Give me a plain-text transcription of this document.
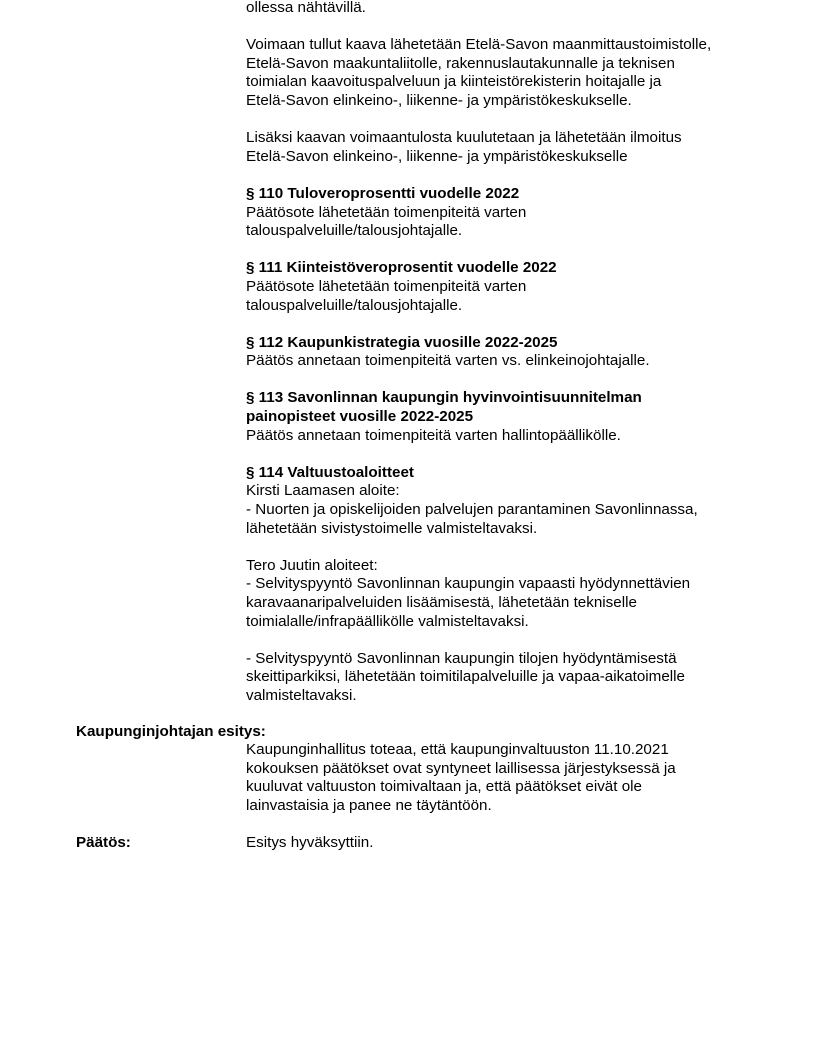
ollessa nähtävillä.
Voimaan tullut kaava lähetetään Etelä-Savon maanmittaustoimistolle,
Etelä-Savon maakuntaliitolle, rakennuslautakunnalle ja teknisen
toimialan kaavoituspalveluun ja kiinteistörekisterin hoitajalle ja
Etelä-Savon elinkeino-, liikenne- ja ympäristökeskukselle.
Lisäksi kaavan voimaantulosta kuulutetaan ja lähetetään ilmoitus
Etelä-Savon elinkeino-, liikenne- ja ympäristökeskukselle
§ 110 Tuloveroprosentti vuodelle 2022
Päätösote lähetetään toimenpiteitä varten
talouspalveluille/talousjohtajalle.
§ 111 Kiinteistöveroprosentit vuodelle 2022
Päätösote lähetetään toimenpiteitä varten
talouspalveluille/talousjohtajalle.
§ 112 Kaupunkistrategia vuosille 2022-2025
Päätös annetaan toimenpiteitä varten vs. elinkeinojohtajalle.
§ 113 Savonlinnan kaupungin hyvinvointisuunnitelman
painopisteet vuosille 2022-2025
Päätös annetaan toimenpiteitä varten hallintopäällikölle.
§ 114 Valtuustoaloitteet
Kirsti Laamasen aloite:
- Nuorten ja opiskelijoiden palvelujen parantaminen Savonlinnassa,
lähetetään sivistystoimelle valmisteltavaksi.
Tero Juutin aloiteet:
- Selvityspyyntö Savonlinnan kaupungin vapaasti hyödynnettävien
karavaanaripalveluiden lisäämisestä, lähetetään tekniselle
toimialalle/infrapäällikölle valmisteltavaksi.
- Selvityspyyntö Savonlinnan kaupungin tilojen hyödyntämisestä
skeittiparkiksi, lähetetään toimitilapalveluille ja vapaa-aikatoimelle
valmisteltavaksi.
Kaupunginjohtajan esitys:
Kaupunginhallitus toteaa, että kaupunginvaltuuston 11.10.2021
kokouksen päätökset ovat syntyneet laillisessa järjestyksessä ja
kuuluvat valtuuston toimivaltaan ja, että päätökset eivät ole
lainvastaisia ja panee ne täytäntöön.
Päätös:	Esitys hyväksyttiin.
